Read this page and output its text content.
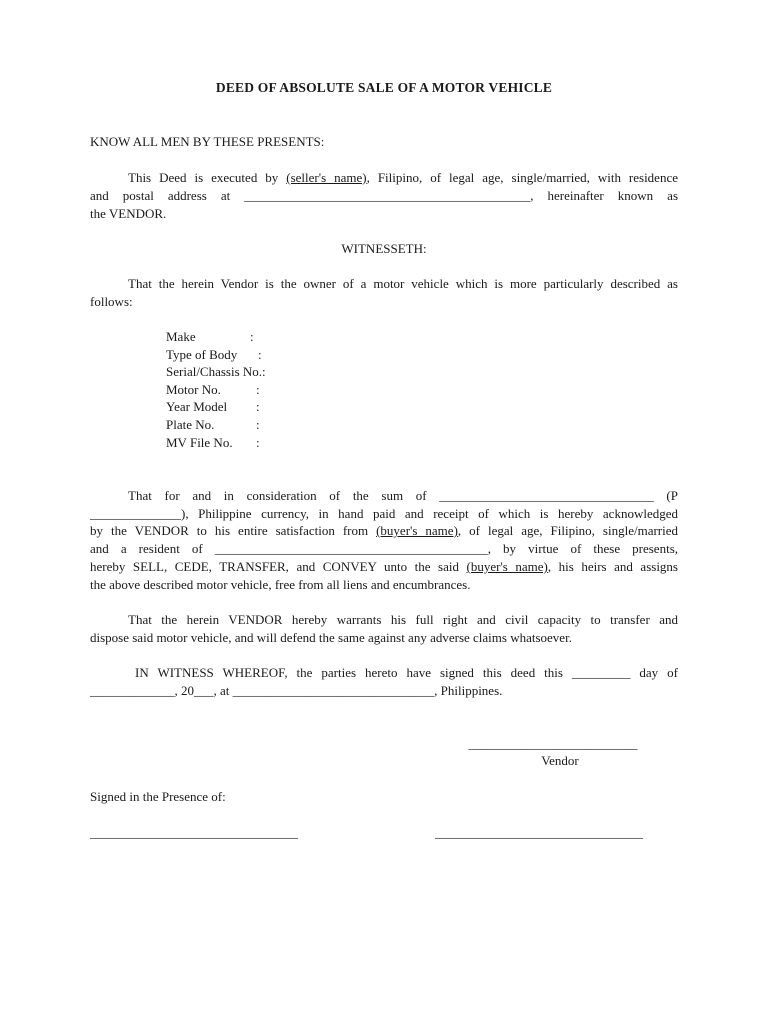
DEED OF ABSOLUTE SALE OF A MOTOR VEHICLE
KNOW ALL MEN BY THESE PRESENTS:
This Deed is executed by (seller's name), Filipino, of legal age, single/married, with residence
and postal address at ____________________________________________, hereinafter known as
the VENDOR.
WITNESSETH:
That the herein Vendor is the owner of a motor vehicle which is more particularly described as
follows:
Make	:
Type of Body :
Serial/Chassis No.:
Motor No.	:
Year Model :
Plate No.	:
MV File No. :
That for and in consideration of the sum of _________________________________ (P
______________), Philippine currency, in hand paid and receipt of which is hereby acknowledged
by the VENDOR to his entire satisfaction from (buyer's name), of legal age, Filipino, single/married
and a resident of __________________________________________, by virtue of these presents,
hereby SELL, CEDE, TRANSFER, and CONVEY unto the said (buyer's name), his heirs and assigns
the above described motor vehicle, free from all liens and encumbrances.
That the herein VENDOR hereby warrants his full right and civil capacity to transfer and
dispose said motor vehicle, and will defend the same against any adverse claims whatsoever.
IN WITNESS WHEREOF, the parties hereto have signed this deed this _________ day of
_____________, 20___, at _______________________________, Philippines.
__________________________
Vendor
Signed in the Presence of:
________________________________	________________________________
